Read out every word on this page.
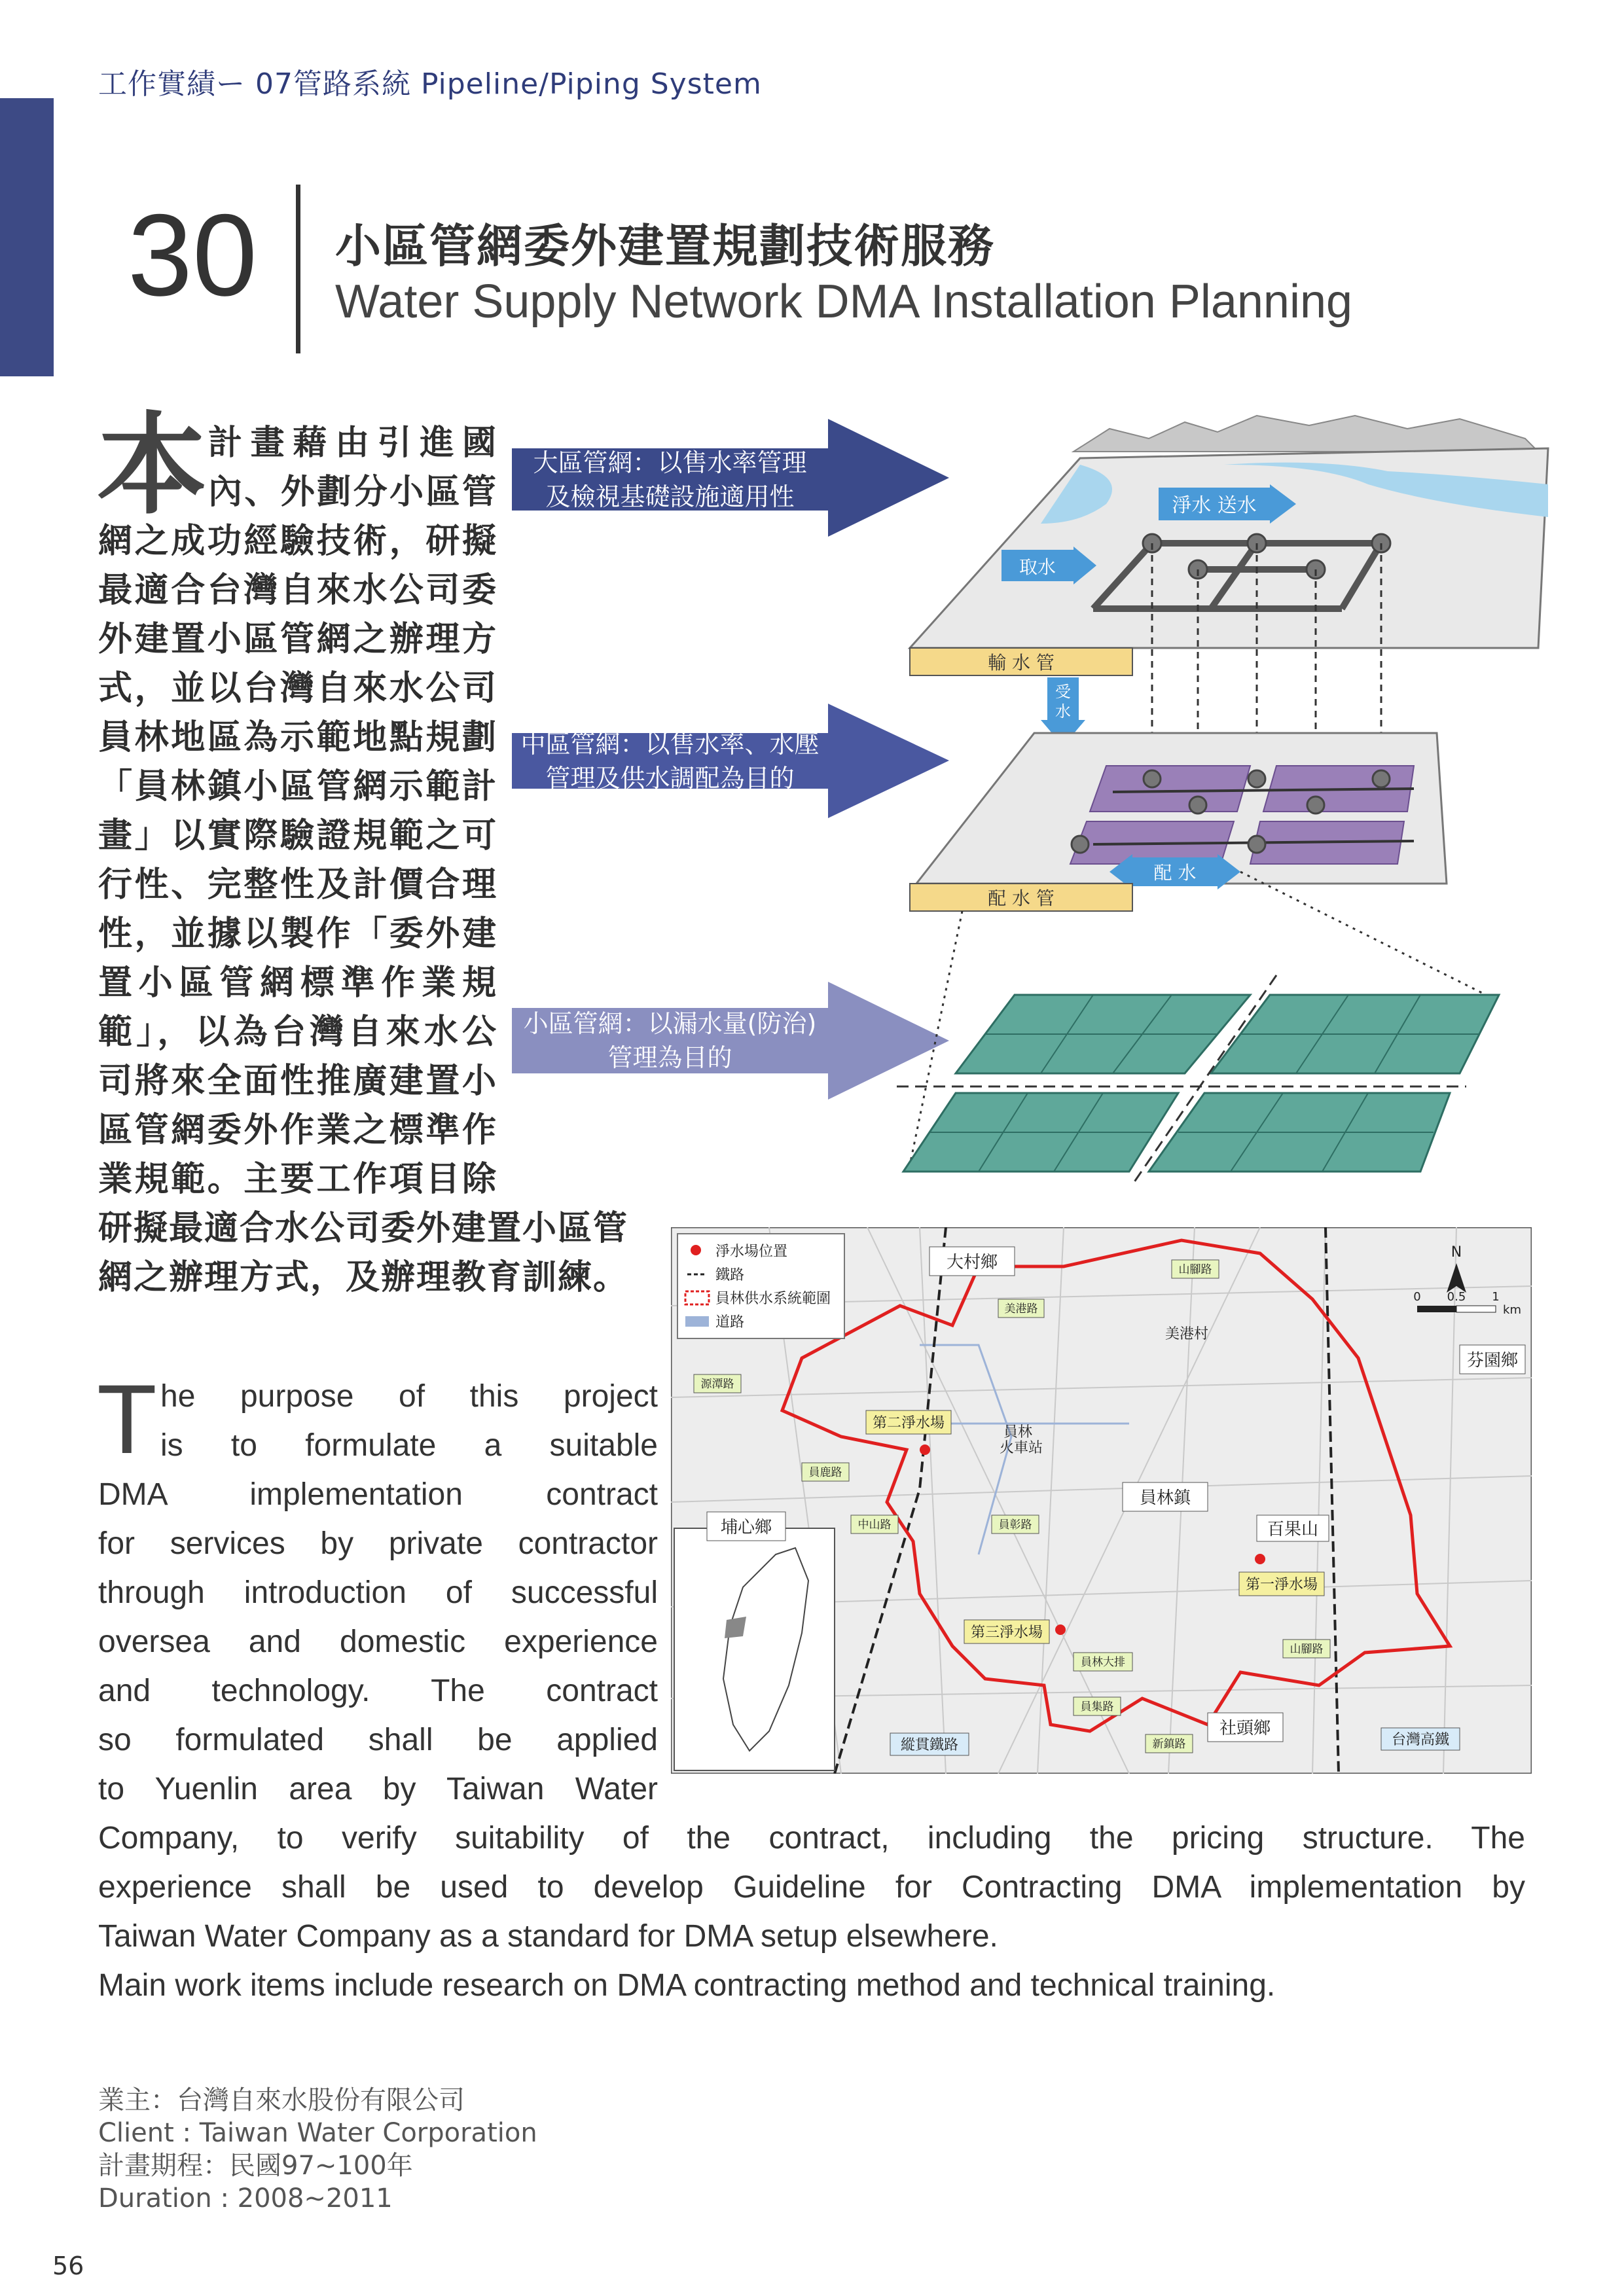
工作實績ー 07管路系統 Pipeline/Piping System
30 小區管網委外建置規劃技術服務
Water Supply Network DMA Installation Planning
本 計畫藉由引進國
內、外劃分小區管
網之成功經驗技術，研擬
最適合台灣自來水公司委
外建置小區管網之辦理方
式，並以台灣自來水公司
員林地區為示範地點規劃
「員林鎮小區管網示範計
畫」以實際驗證規範之可
行性、完整性及計價合理
性，並據以製作「委外建
置小區管網標準作業規
範」，以為台灣自來水公
司將來全面性推廣建置小
區管網委外作業之標準作
業規範。主要工作項目除
研擬最適合水公司委外建置小區管
網之辦理方式，及辦理教育訓練。
T he purpose of this project
is to formulate a suitable
DMA implementation contract
for services by private contractor
through introduction of successful
oversea and domestic experience
and technology. The contract
so formulated shall be applied
to Yuenlin area by Taiwan Water
Company, to verify suitability of the contract, including the pricing structure. The
experience shall be used to develop Guideline for Contracting DMA implementation by
Taiwan Water Company as a standard for DMA setup elsewhere.
Main work items include research on DMA contracting method and technical training.
淨水 送水
取水
輸 水 管
受
水
配 水
配 水 管
大區管網：以售水率管理
及檢視基礎設施適用性
中區管網：以售水率、水壓
管理及供水調配為目的
小區管網：以漏水量(防治)
管理為目的
淨水場位置
鐵路
員林供水系統範圍
道路
大村鄉
芬園鄉
員林鎮
埔心鄉	百果山
社頭鄉
美港村
第二淨水場
第一淨水場
第三淨水場
員林
火車站
山腳路
美港路
源潭路
員鹿路
中山路	員彰路
員林大排
員集路
新鎮路
山腳路
縱貫鐵路	台灣高鐵
N
0 0.5 1
km
業主：台灣自來水股份有限公司
Client : Taiwan Water Corporation
計畫期程：民國97~100年
Duration : 2008~2011
56
